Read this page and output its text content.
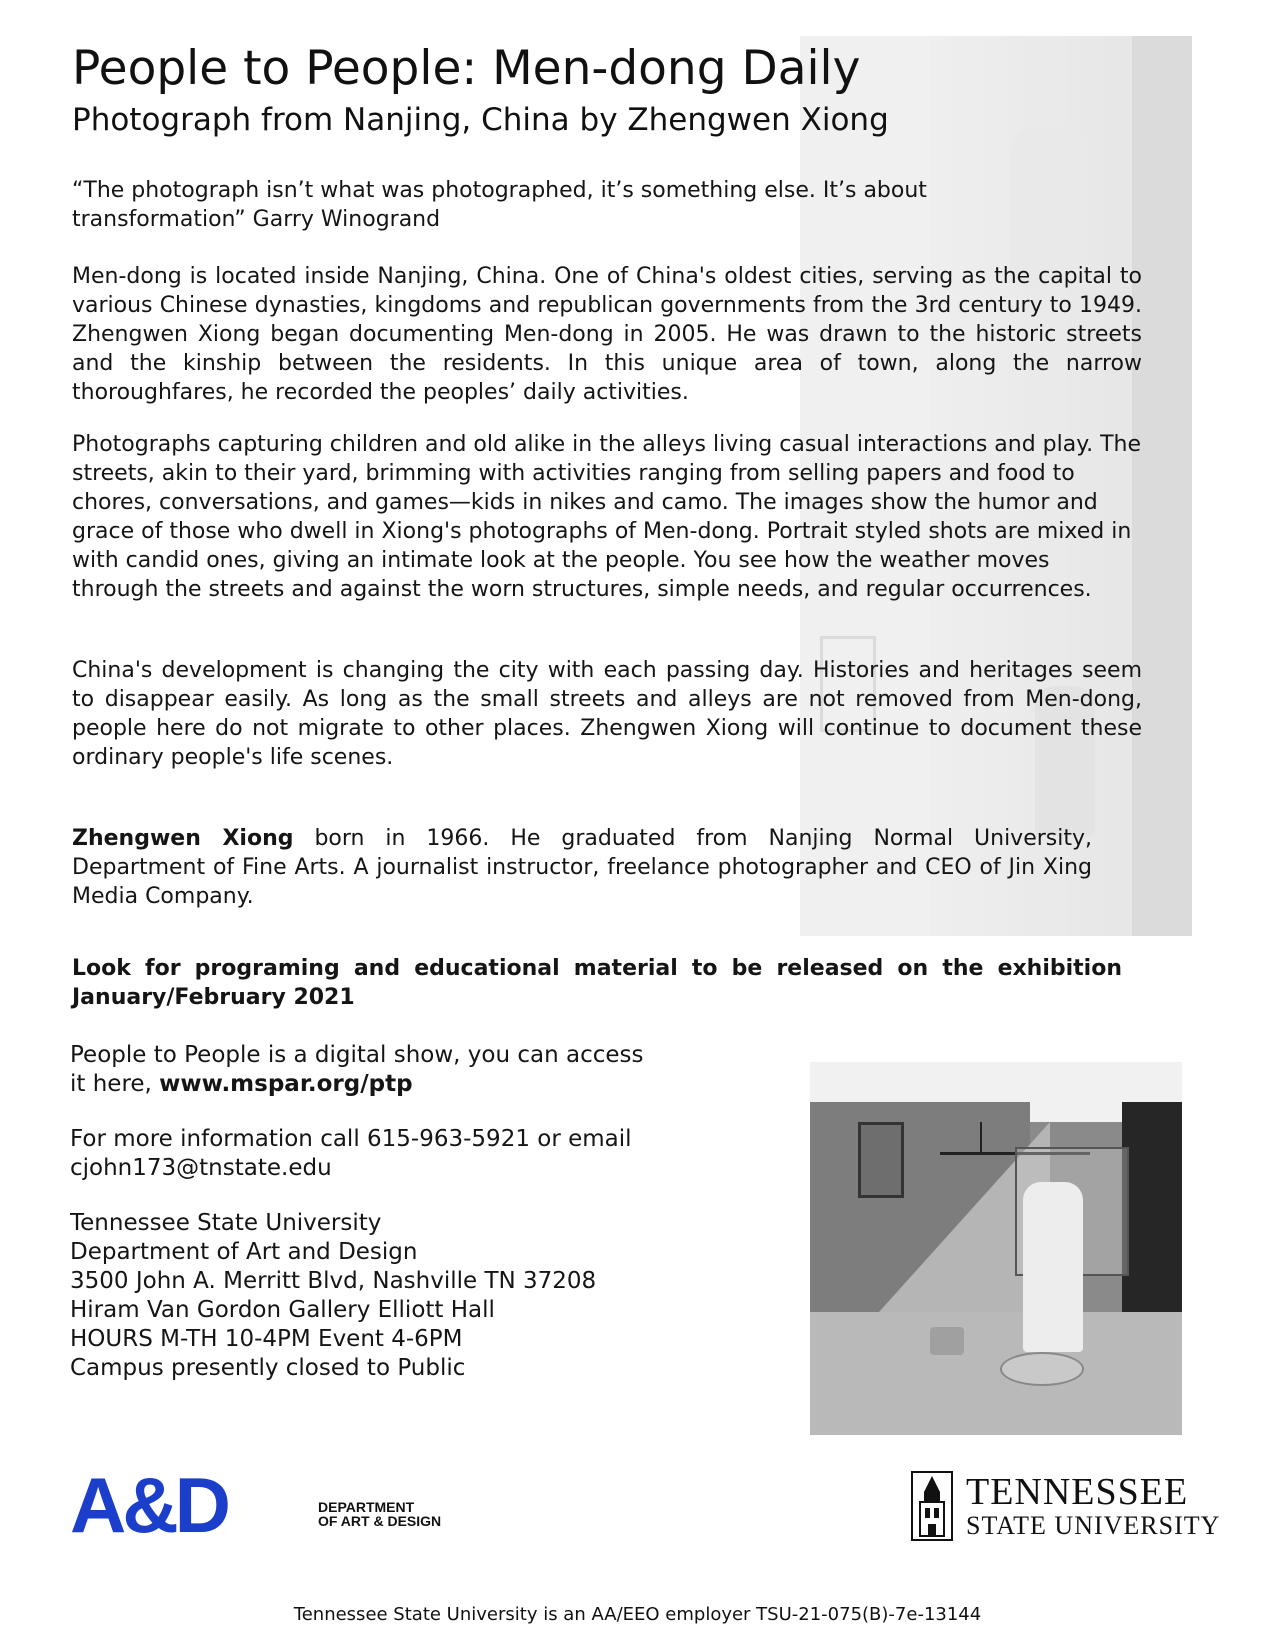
People to People: Men-dong Daily
Photograph from Nanjing, China by Zhengwen Xiong

“The photograph isn’t what was photographed, it’s something else. It’s about transformation” Garry Winogrand

Men-dong is located inside Nanjing, China. One of China's oldest cities, serving as the capital to various Chinese dynasties, kingdoms and republican governments from the 3rd century to 1949. Zhengwen Xiong began documenting Men-dong in 2005. He was drawn to the historic streets and the kinship between the residents. In this unique area of town, along the narrow thoroughfares, he recorded the peoples’ daily activities.

Photographs capturing children and old alike in the alleys living casual interactions and play. The streets, akin to their yard, brimming with activities ranging from selling papers and food to chores, conversations, and games—kids in nikes and camo. The images show the humor and grace of those who dwell in Xiong's photographs of Men-dong. Portrait styled shots are mixed in with candid ones, giving an intimate look at the people. You see how the weather moves through the streets and against the worn structures, simple needs, and regular occurrences.

China's development is changing the city with each passing day. Histories and heritages seem to disappear easily. As long as the small streets and alleys are not removed from Men-dong, people here do not migrate to other places. Zhengwen Xiong will continue to document these ordinary people's life scenes.

Zhengwen Xiong born in 1966. He graduated from Nanjing Normal University, Department of Fine Arts. A journalist instructor, freelance photographer and CEO of Jin Xing Media Company.

Look for programing and educational material to be released on the exhibition January/February 2021

People to People is a digital show, you can access
it here, www.mspar.org/ptp
For more information call 615-963-5921 or email
cjohn173@tnstate.edu
Tennessee State University
Department of Art and Design
3500 John A. Merritt Blvd, Nashville TN 37208
Hiram Van Gordon Gallery Elliott Hall
HOURS M-TH 10-4PM Event 4-6PM
Campus presently closed to Public
A&D	DEPARTMENT
OF ART & DESIGN
TENNESSEE
STATE UNIVERSITY
Tennessee State University is an AA/EEO employer TSU-21-075(B)-7e-13144
